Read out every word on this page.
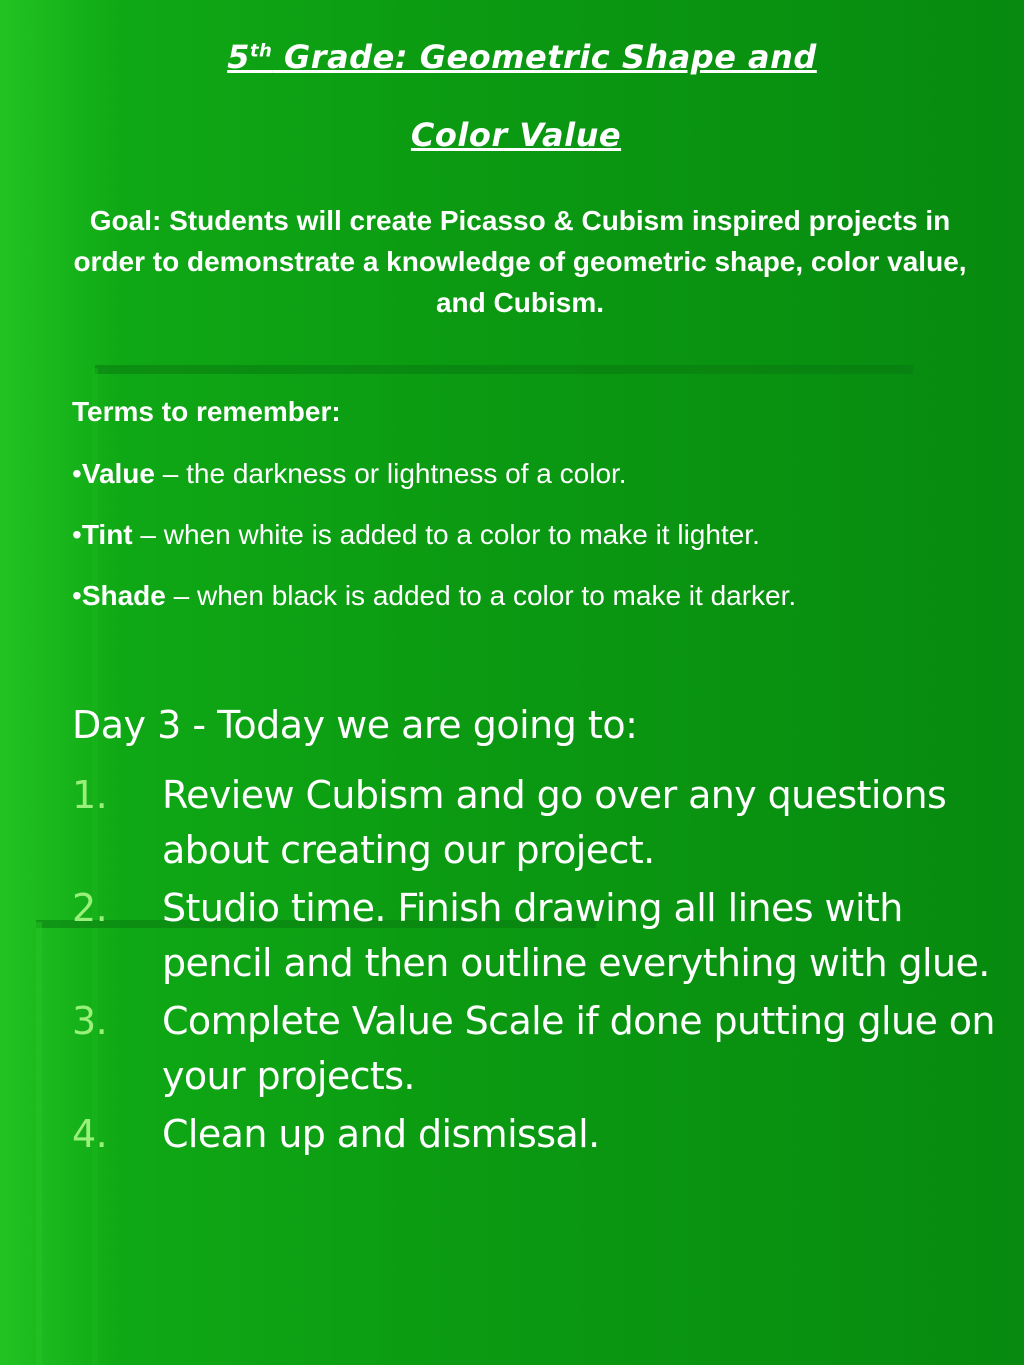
5th Grade: Geometric Shape and
Color Value
Goal: Students will create Picasso & Cubism inspired projects in order to demonstrate a knowledge of geometric shape, color value, and Cubism.
Terms to remember:
•Value – the darkness or lightness of a color.
•Tint – when white is added to a color to make it lighter.
•Shade – when black is added to a color to make it darker.
Day 3 - Today we are going to:
1.	Review Cubism and go over any questions about creating our project.
2.	Studio time. Finish drawing all lines with pencil and then outline everything with glue.
3.	Complete Value Scale if done putting glue on your projects.
4.	Clean up and dismissal.
